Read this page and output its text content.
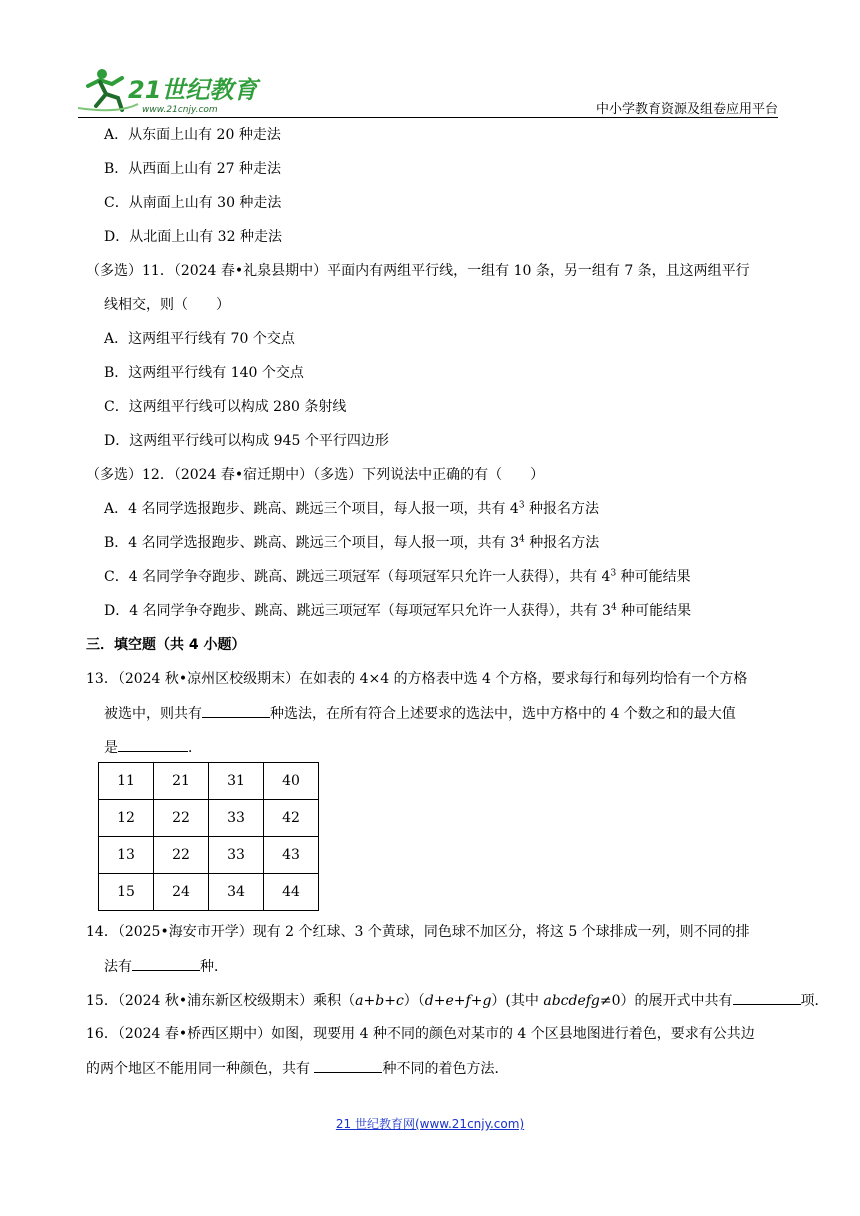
21世纪教育
www.21cnjy.com	中小学教育资源及组卷应用平台
A．从东面上山有 20 种走法
B．从西面上山有 27 种走法
C．从南面上山有 30 种走法
D．从北面上山有 32 种走法
（多选）11．（2024 春•礼泉县期中）平面内有两组平行线，一组有 10 条，另一组有 7 条，且这两组平行
线相交，则（　　）
A．这两组平行线有 70 个交点
B．这两组平行线有 140 个交点
C．这两组平行线可以构成 280 条射线
D．这两组平行线可以构成 945 个平行四边形
（多选）12．（2024 春•宿迁期中）（多选）下列说法中正确的有（　　）
A．4 名同学选报跑步、跳高、跳远三个项目，每人报一项，共有 $4^3$ 种报名方法
B．4 名同学选报跑步、跳高、跳远三个项目，每人报一项，共有 $3^4$ 种报名方法
C．4 名同学争夺跑步、跳高、跳远三项冠军（每项冠军只允许一人获得），共有 $4^3$ 种可能结果
D．4 名同学争夺跑步、跳高、跳远三项冠军（每项冠军只允许一人获得），共有 $3^4$ 种可能结果
三．填空题（共 4 小题）
13．（2024 秋•凉州区校级期末）在如表的 4×4 的方格表中选 4 个方格，要求每行和每列均恰有一个方格
被选中，则共有	种选法，在所有符合上述要求的选法中，选中方格中的 4 个数之和的最大值
是	．
11	21	31	40
12	22	33	42
13	22	33	43
15	24	34	44
14．（2025•海安市开学）现有 2 个红球、3 个黄球，同色球不加区分，将这 5 个球排成一列，则不同的排
法有	种．
15．（2024 秋•浦东新区校级期末）乘积（a+b+c）（d+e+f+g）(其中 abcdefg≠0）的展开式中共有	项．
16．（2024 春•桥西区期中）如图，现要用 4 种不同的颜色对某市的 4 个区县地图进行着色，要求有公共边
的两个地区不能用同一种颜色，共有	种不同的着色方法．
21 世纪教育网(www.21cnjy.com)
